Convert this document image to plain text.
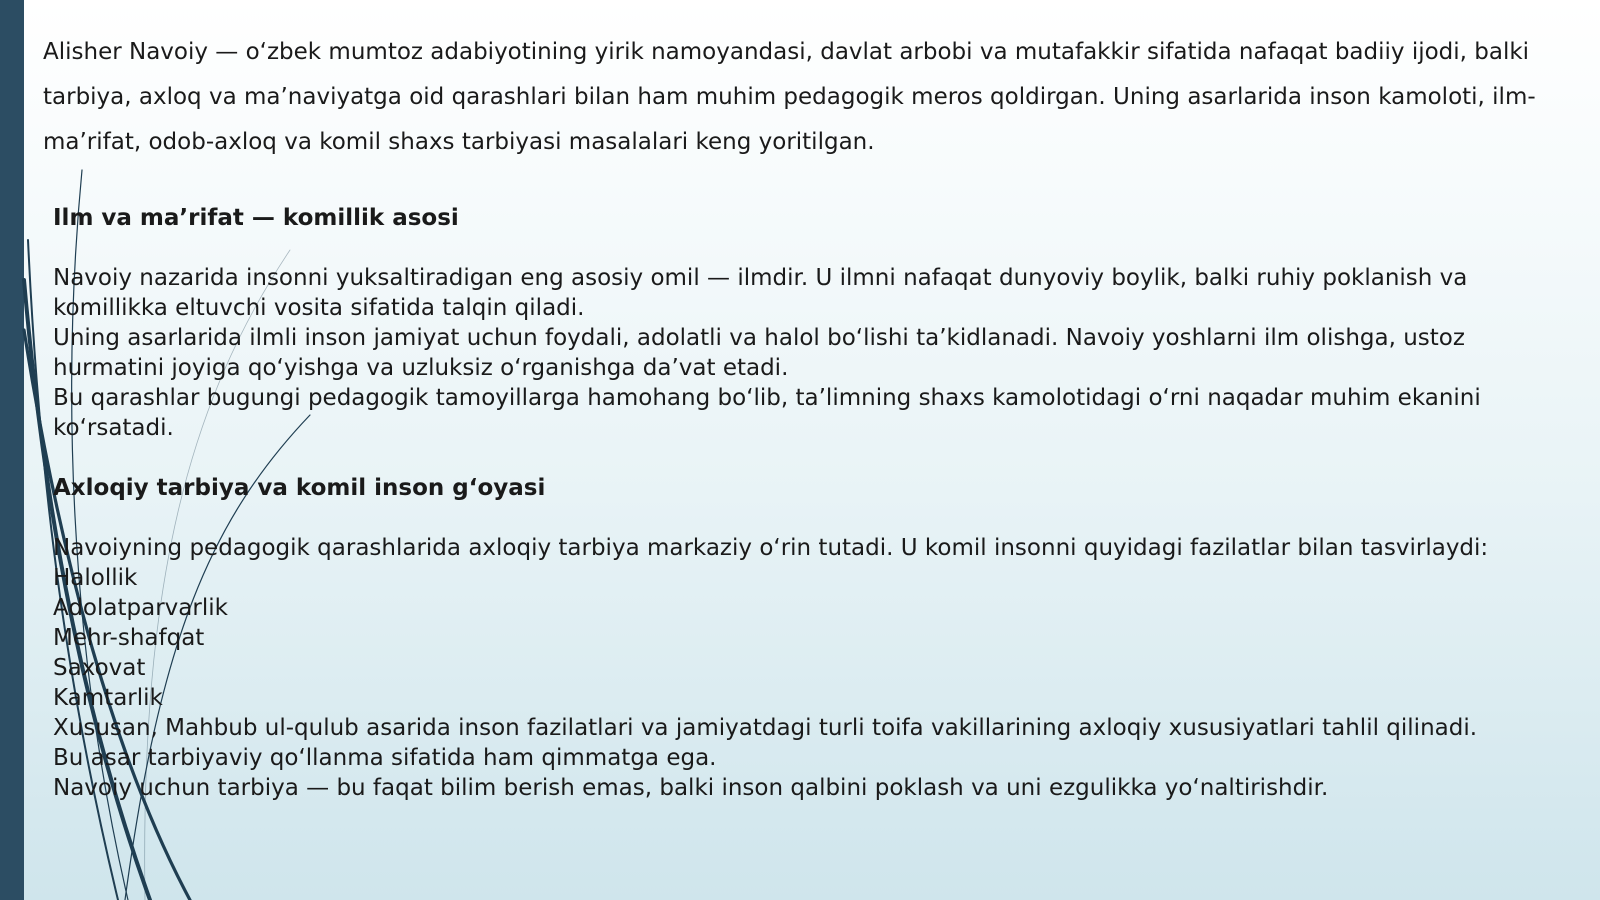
Alisher Navoiy — o‘zbek mumtoz adabiyotining yirik namoyandasi, davlat arbobi va mutafakkir sifatida nafaqat badiiy ijodi, balki tarbiya, axloq va ma’naviyatga oid qarashlari bilan ham muhim pedagogik meros qoldirgan. Uning asarlarida inson kamoloti, ilm-ma’rifat, odob-axloq va komil shaxs tarbiyasi masalalari keng yoritilgan.

Ilm va ma’rifat — komillik asosi

Navoiy nazarida insonni yuksaltiradigan eng asosiy omil — ilmdir. U ilmni nafaqat dunyoviy boylik, balki ruhiy poklanish va komillikka eltuvchi vosita sifatida talqin qiladi.

Uning asarlarida ilmli inson jamiyat uchun foydali, adolatli va halol bo‘lishi ta’kidlanadi. Navoiy yoshlarni ilm olishga, ustoz hurmatini joyiga qo‘yishga va uzluksiz o‘rganishga da’vat etadi.

Bu qarashlar bugungi pedagogik tamoyillarga hamohang bo‘lib, ta’limning shaxs kamolotidagi o‘rni naqadar muhim ekanini ko‘rsatadi.

Axloqiy tarbiya va komil inson g‘oyasi

Navoiyning pedagogik qarashlarida axloqiy tarbiya markaziy o‘rin tutadi. U komil insonni quyidagi fazilatlar bilan tasvirlaydi:

Halollik
Adolatparvarlik
Mehr-shafqat
Saxovat
Kamtarlik

Xususan, Mahbub ul-qulub asarida inson fazilatlari va jamiyatdagi turli toifa vakillarining axloqiy xususiyatlari tahlil qilinadi.

Bu asar tarbiyaviy qo‘llanma sifatida ham qimmatga ega.

Navoiy uchun tarbiya — bu faqat bilim berish emas, balki inson qalbini poklash va uni ezgulikka yo‘naltirishdir.
